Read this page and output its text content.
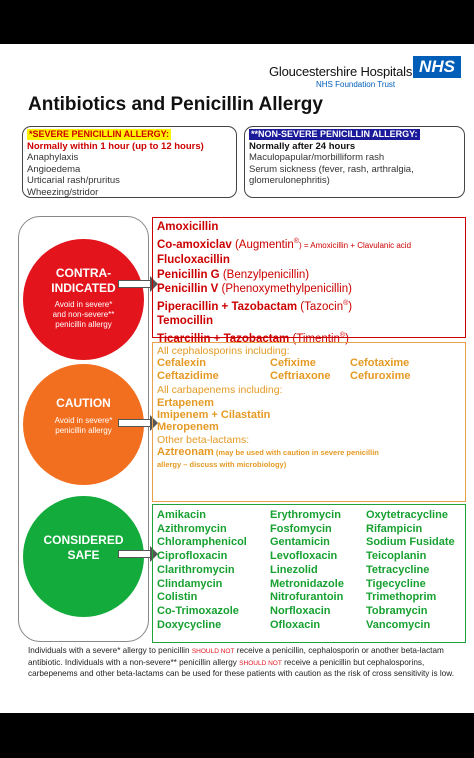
Gloucestershire Hospitals
NHS Foundation Trust
NHS
Antibiotics and Penicillin Allergy
*SEVERE PENICILLIN ALLERGY:
Normally within 1 hour (up to 12 hours)
Anaphylaxis
Angioedema
Urticarial rash/pruritus
Wheezing/stridor
**NON-SEVERE PENICILLIN ALLERGY:
Normally after 24 hours
Maculopapular/morbilliform rash
Serum sickness (fever, rash, arthralgia,
glomerulonephritis)
CONTRA-
INDICATED
Avoid in severe*
and non-severe**
penicillin allergy
CAUTION
Avoid in severe*
penicillin allergy
CONSIDERED
SAFE
Amoxicillin
Co-amoxiclav (Augmentin®) = Amoxicillin + Clavulanic acid
Flucloxacillin
Penicillin G (Benzylpenicillin)
Penicillin V (Phenoxymethylpenicillin)
Piperacillin + Tazobactam (Tazocin®)
Temocillin
Ticarcillin + Tazobactam (Timentin®)
All cephalosporins including:
Cefalexin	Cefixime	Cefotaxime
Ceftazidime	Ceftriaxone	Cefuroxime
All carbapenems including:
Ertapenem
Imipenem + Cilastatin
Meropenem
Other beta-lactams:
Aztreonam (may be used with caution in severe penicillin
allergy – discuss with microbiology)
Amikacin	Erythromycin	Oxytetracycline
Azithromycin	Fosfomycin	Rifampicin
Chloramphenicol	Gentamicin	Sodium Fusidate
Ciprofloxacin	Levofloxacin	Teicoplanin
Clarithromycin	Linezolid	Tetracycline
Clindamycin	Metronidazole	Tigecycline
Colistin	Nitrofurantoin	Trimethoprim
Co-Trimoxazole	Norfloxacin	Tobramycin
Doxycycline	Ofloxacin	Vancomycin
Individuals with a severe* allergy to penicillin SHOULD NOT receive a penicillin, cephalosporin or another beta-lactam antibiotic. Individuals with a non-severe** penicillin allergy SHOULD NOT receive a penicillin but cephalosporins, carbepenems and other beta-lactams can be used for these patients with caution as the risk of cross sensitivity is low.
